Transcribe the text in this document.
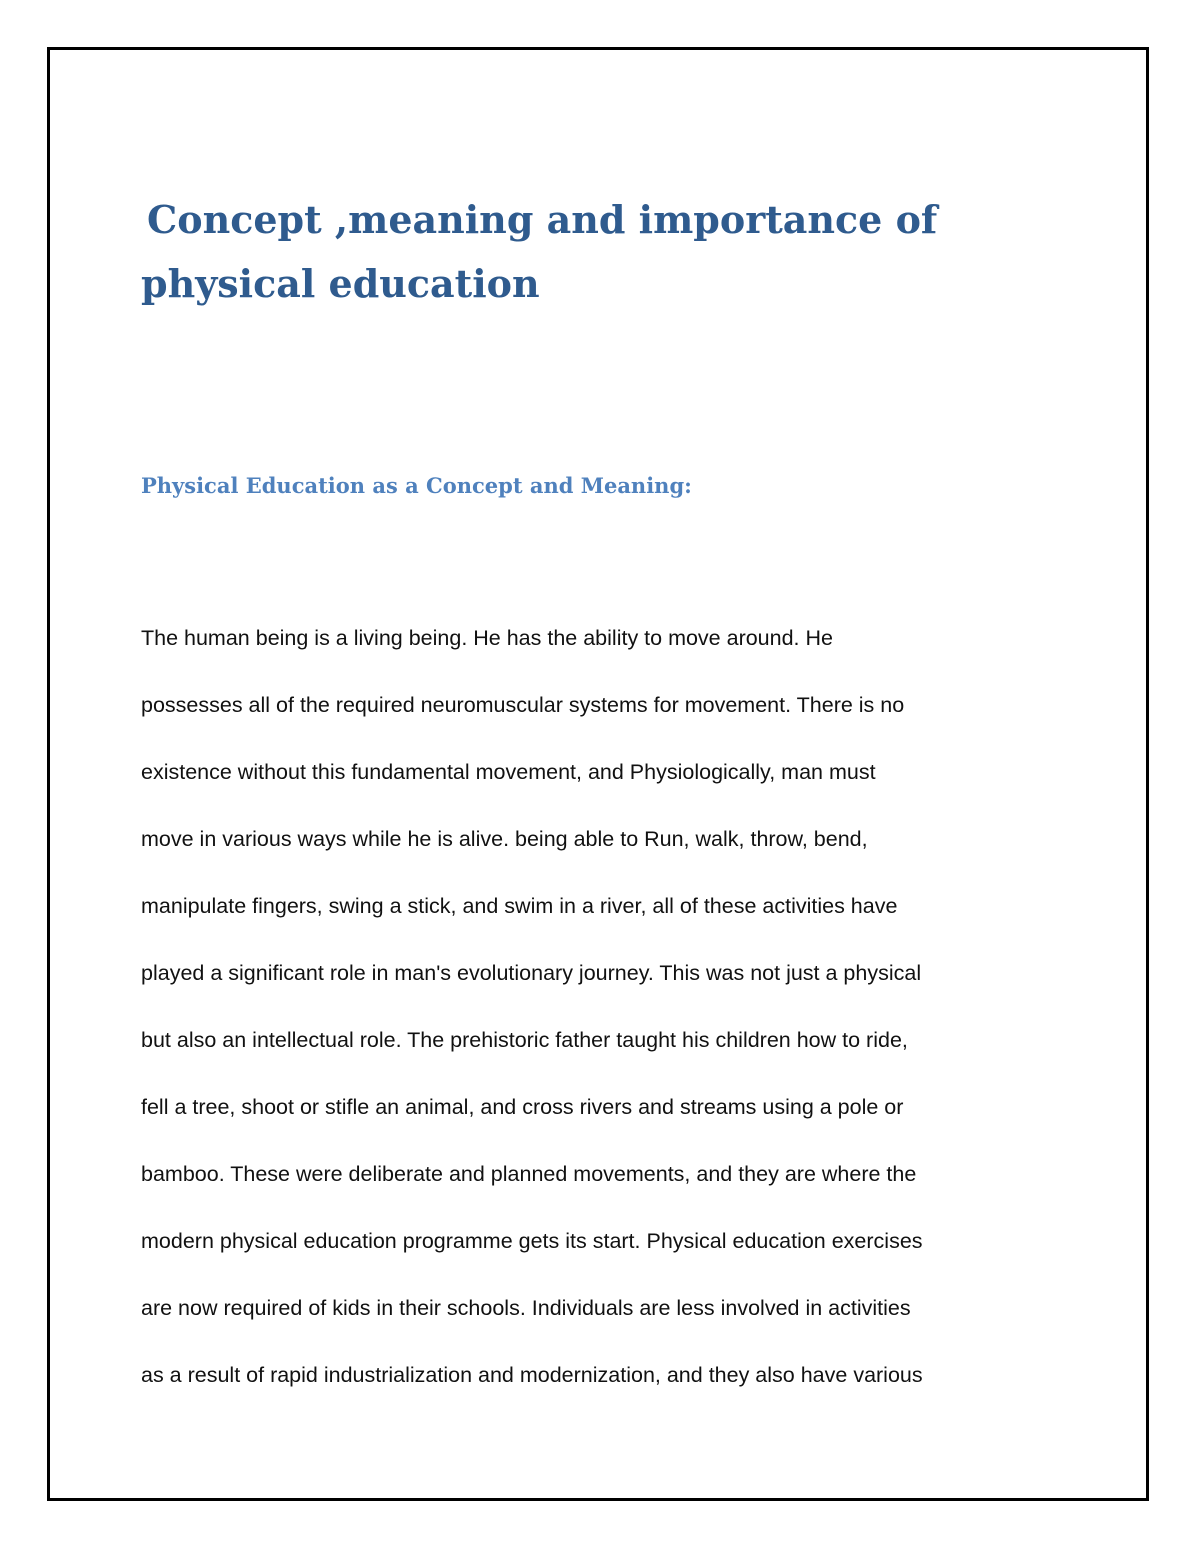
Concept ,meaning and importance of
physical education
Physical Education as a Concept and Meaning:
The human being is a living being. He has the ability to move around. He
possesses all of the required neuromuscular systems for movement. There is no
existence without this fundamental movement, and Physiologically, man must
move in various ways while he is alive. being able to Run, walk, throw, bend,
manipulate fingers, swing a stick, and swim in a river, all of these activities have
played a significant role in man's evolutionary journey. This was not just a physical
but also an intellectual role. The prehistoric father taught his children how to ride,
fell a tree, shoot or stifle an animal, and cross rivers and streams using a pole or
bamboo. These were deliberate and planned movements, and they are where the
modern physical education programme gets its start. Physical education exercises
are now required of kids in their schools. Individuals are less involved in activities
as a result of rapid industrialization and modernization, and they also have various
